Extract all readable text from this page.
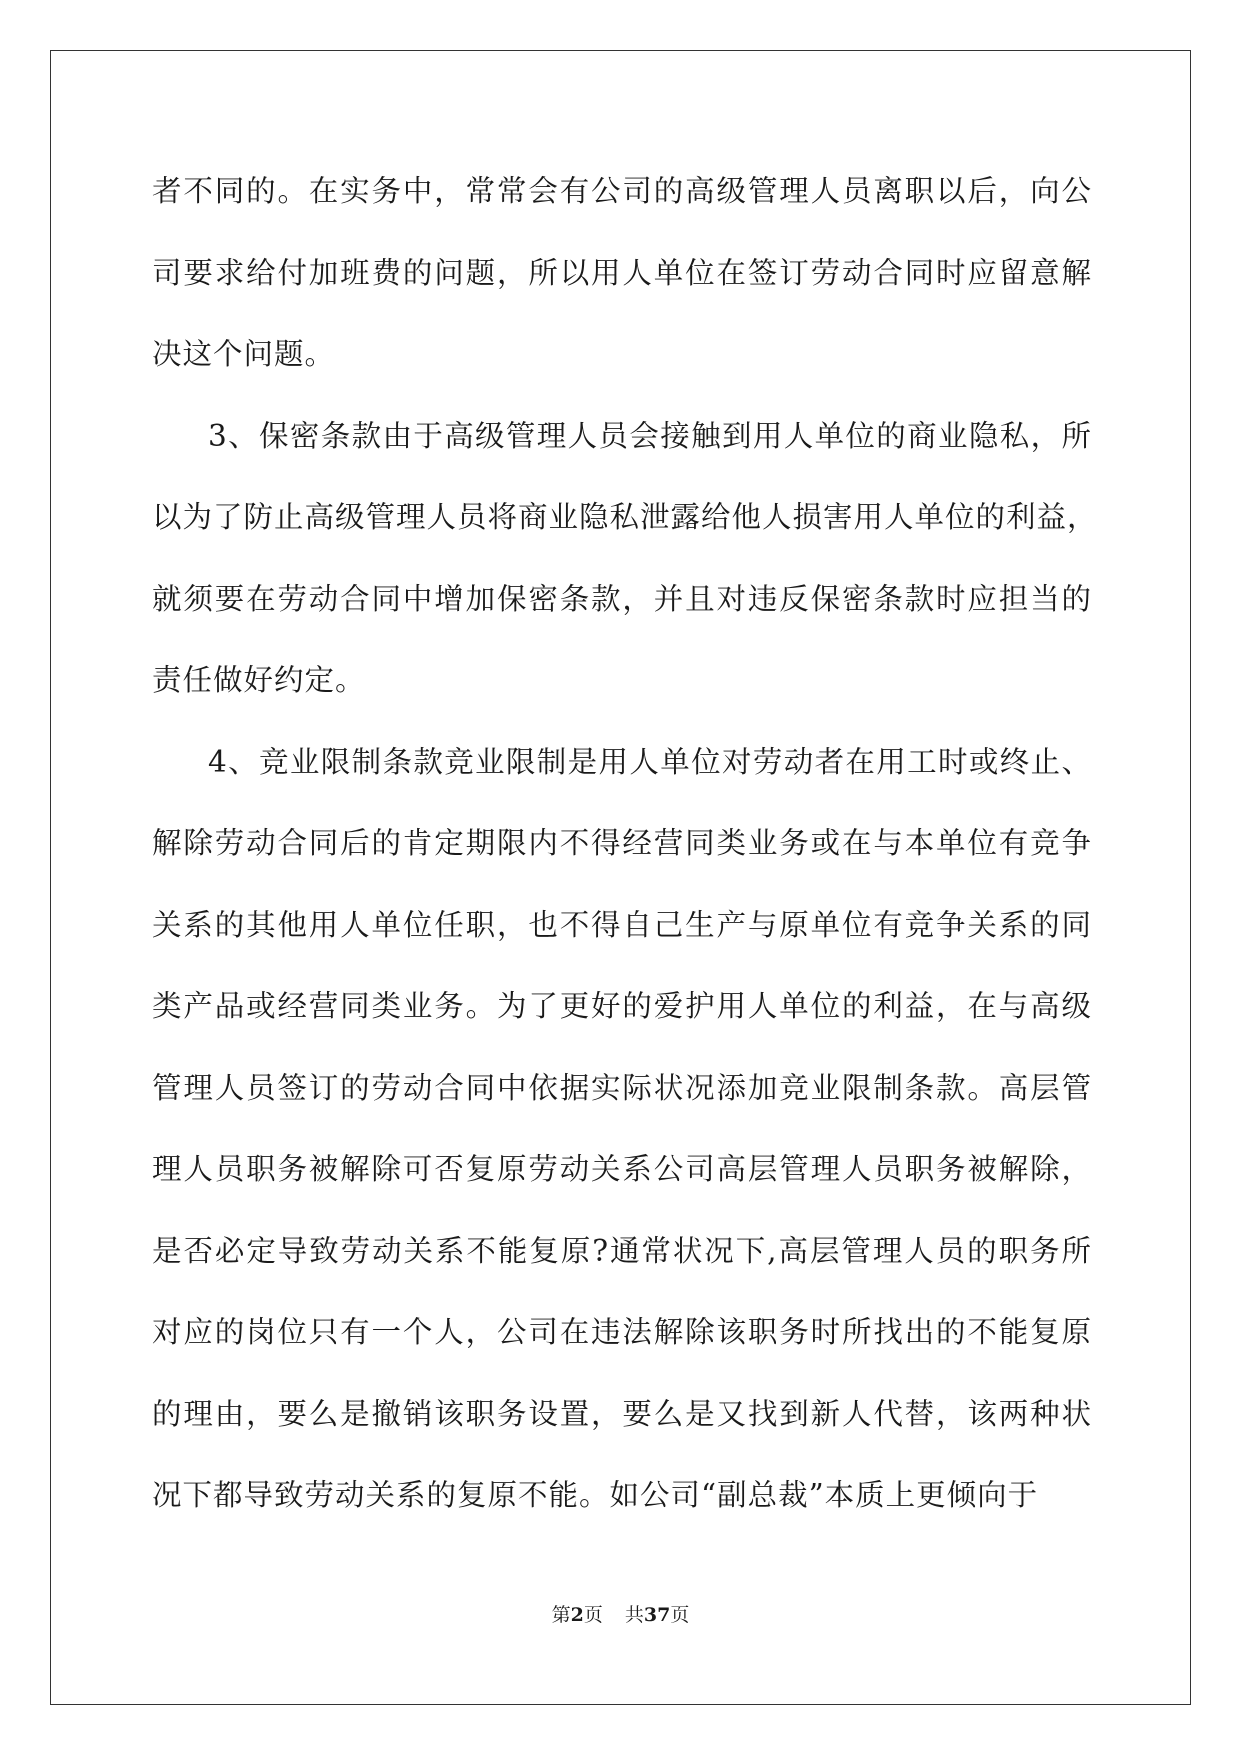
者不同的。在实务中，常常会有公司的高级管理人员离职以后，向公
司要求给付加班费的问题，所以用人单位在签订劳动合同时应留意解
决这个问题。
3、保密条款由于高级管理人员会接触到用人单位的商业隐私，所
以为了防止高级管理人员将商业隐私泄露给他人损害用人单位的利益，
就须要在劳动合同中增加保密条款，并且对违反保密条款时应担当的
责任做好约定。
4、竞业限制条款竞业限制是用人单位对劳动者在用工时或终止、
解除劳动合同后的肯定期限内不得经营同类业务或在与本单位有竞争
关系的其他用人单位任职，也不得自己生产与原单位有竞争关系的同
类产品或经营同类业务。为了更好的爱护用人单位的利益，在与高级
管理人员签订的劳动合同中依据实际状况添加竞业限制条款。高层管
理人员职务被解除可否复原劳动关系公司高层管理人员职务被解除，
是否必定导致劳动关系不能复原?通常状况下,高层管理人员的职务所
对应的岗位只有一个人，公司在违法解除该职务时所找出的不能复原
的理由，要么是撤销该职务设置，要么是又找到新人代替，该两种状
况下都导致劳动关系的复原不能。如公司“副总裁”本质上更倾向于
第2页 共37页
